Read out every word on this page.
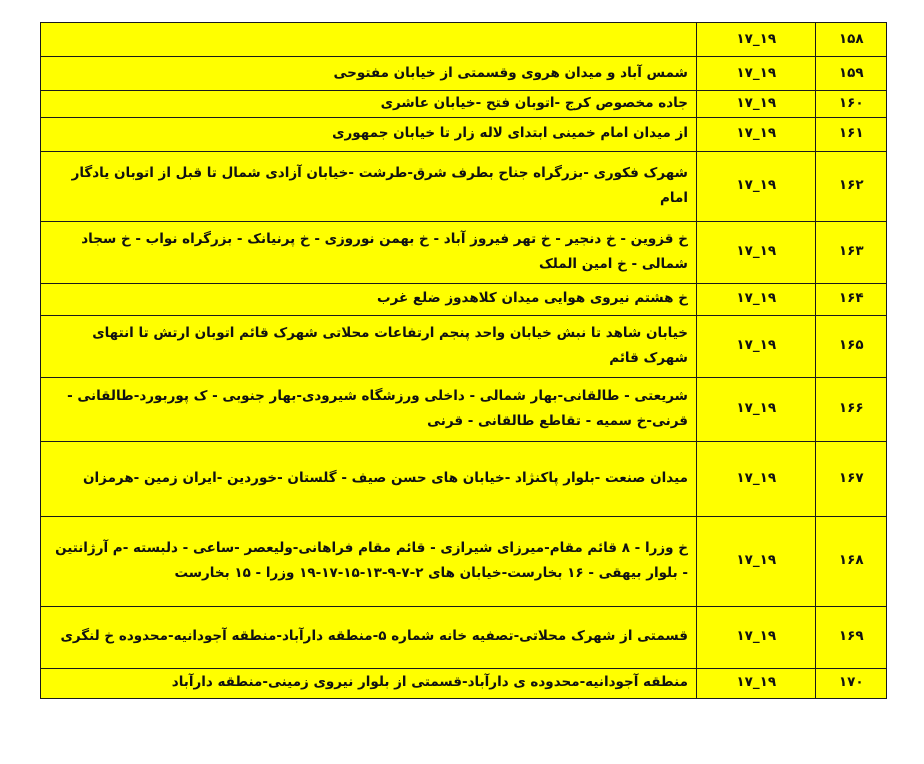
	۱۷_۱۹	۱۵۸
شمس آباد و میدان هروی وقسمتی از خیابان مفتوحی	۱۷_۱۹	۱۵۹
جاده مخصوص کرج -اتوبان فتح -خیابان عاشری	۱۷_۱۹	۱۶۰
از میدان امام خمینی ابتدای لاله زار تا خیابان جمهوری	۱۷_۱۹	۱۶۱
شهرک فکوری -بزرگراه جناح بطرف شرق-طرشت -خیابان آزادی شمال تا قبل از اتوبان یادگار امام	۱۷_۱۹	۱۶۲
خ قزوین - خ دنجیر - خ تهر فیروز آباد - خ بهمن نوروزی - خ پرنیانک - بزرگراه نواب - خ سجاد شمالی - خ امین الملک	۱۷_۱۹	۱۶۳
خ هشتم نیروی هوایی میدان کلاهدوز ضلع غرب	۱۷_۱۹	۱۶۴
خیابان شاهد تا نبش خیابان واحد پنجم ارتفاعات محلاتی شهرک قائم اتوبان ارتش تا انتهای شهرک قائم	۱۷_۱۹	۱۶۵
شریعتی - طالقانی-بهار شمالی - داخلی ورزشگاه شیرودی-بهار جنوبی - ک پوربورد-طالقانی - قرنی-خ سمیه - تقاطع طالقانی - قرنی	۱۷_۱۹	۱۶۶
میدان صنعت -بلوار پاکنژاد -خیابان های حسن صیف - گلستان -خوردین -ایران زمین -هرمزان	۱۷_۱۹	۱۶۷
خ وزرا - ۸ قائم مقام-میرزای شیرازی - قائم مقام فراهانی-ولیعصر -ساعی - دلبسته -م آرژانتین - بلوار بیهقی - ۱۶ بخارست-خیابان های ۲-۷-۹-۱۳-۱۵-۱۷-۱۹ وزرا - ۱۵ بخارست	۱۷_۱۹	۱۶۸
قسمتی از شهرک محلاتی-تصفیه خانه شماره ۵-منطقه دارآباد-منطقه آجودانیه-محدوده خ لنگری	۱۷_۱۹	۱۶۹
منطقه آجودانیه-محدوده ی دارآباد-قسمتی از بلوار نیروی زمینی-منطقه دارآباد	۱۷_۱۹	۱۷۰
